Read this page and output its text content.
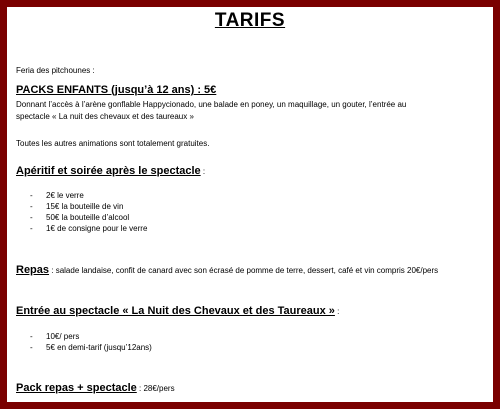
TARIFS
Feria des pitchounes :
PACKS ENFANTS (jusqu’à 12 ans) : 5€
Donnant l’accès à l’arène gonflable Happycionado, une balade en poney, un maquillage, un gouter, l’entrée au
spectacle « La nuit des chevaux et des taureaux »
Toutes les autres animations sont totalement gratuites.
Apéritif et soirée après le spectacle :
-	2€ le verre
-	15€ la bouteille de vin
-	50€ la bouteille d’alcool
-	1€ de consigne pour le verre
Repas : salade landaise, confit de canard avec son écrasé de pomme de terre, dessert, café et vin compris 20€/pers
Entrée au spectacle « La Nuit des Chevaux et des Taureaux » :
-	10€/ pers
-	5€ en demi-tarif (jusqu’12ans)
Pack repas + spectacle : 28€/pers
